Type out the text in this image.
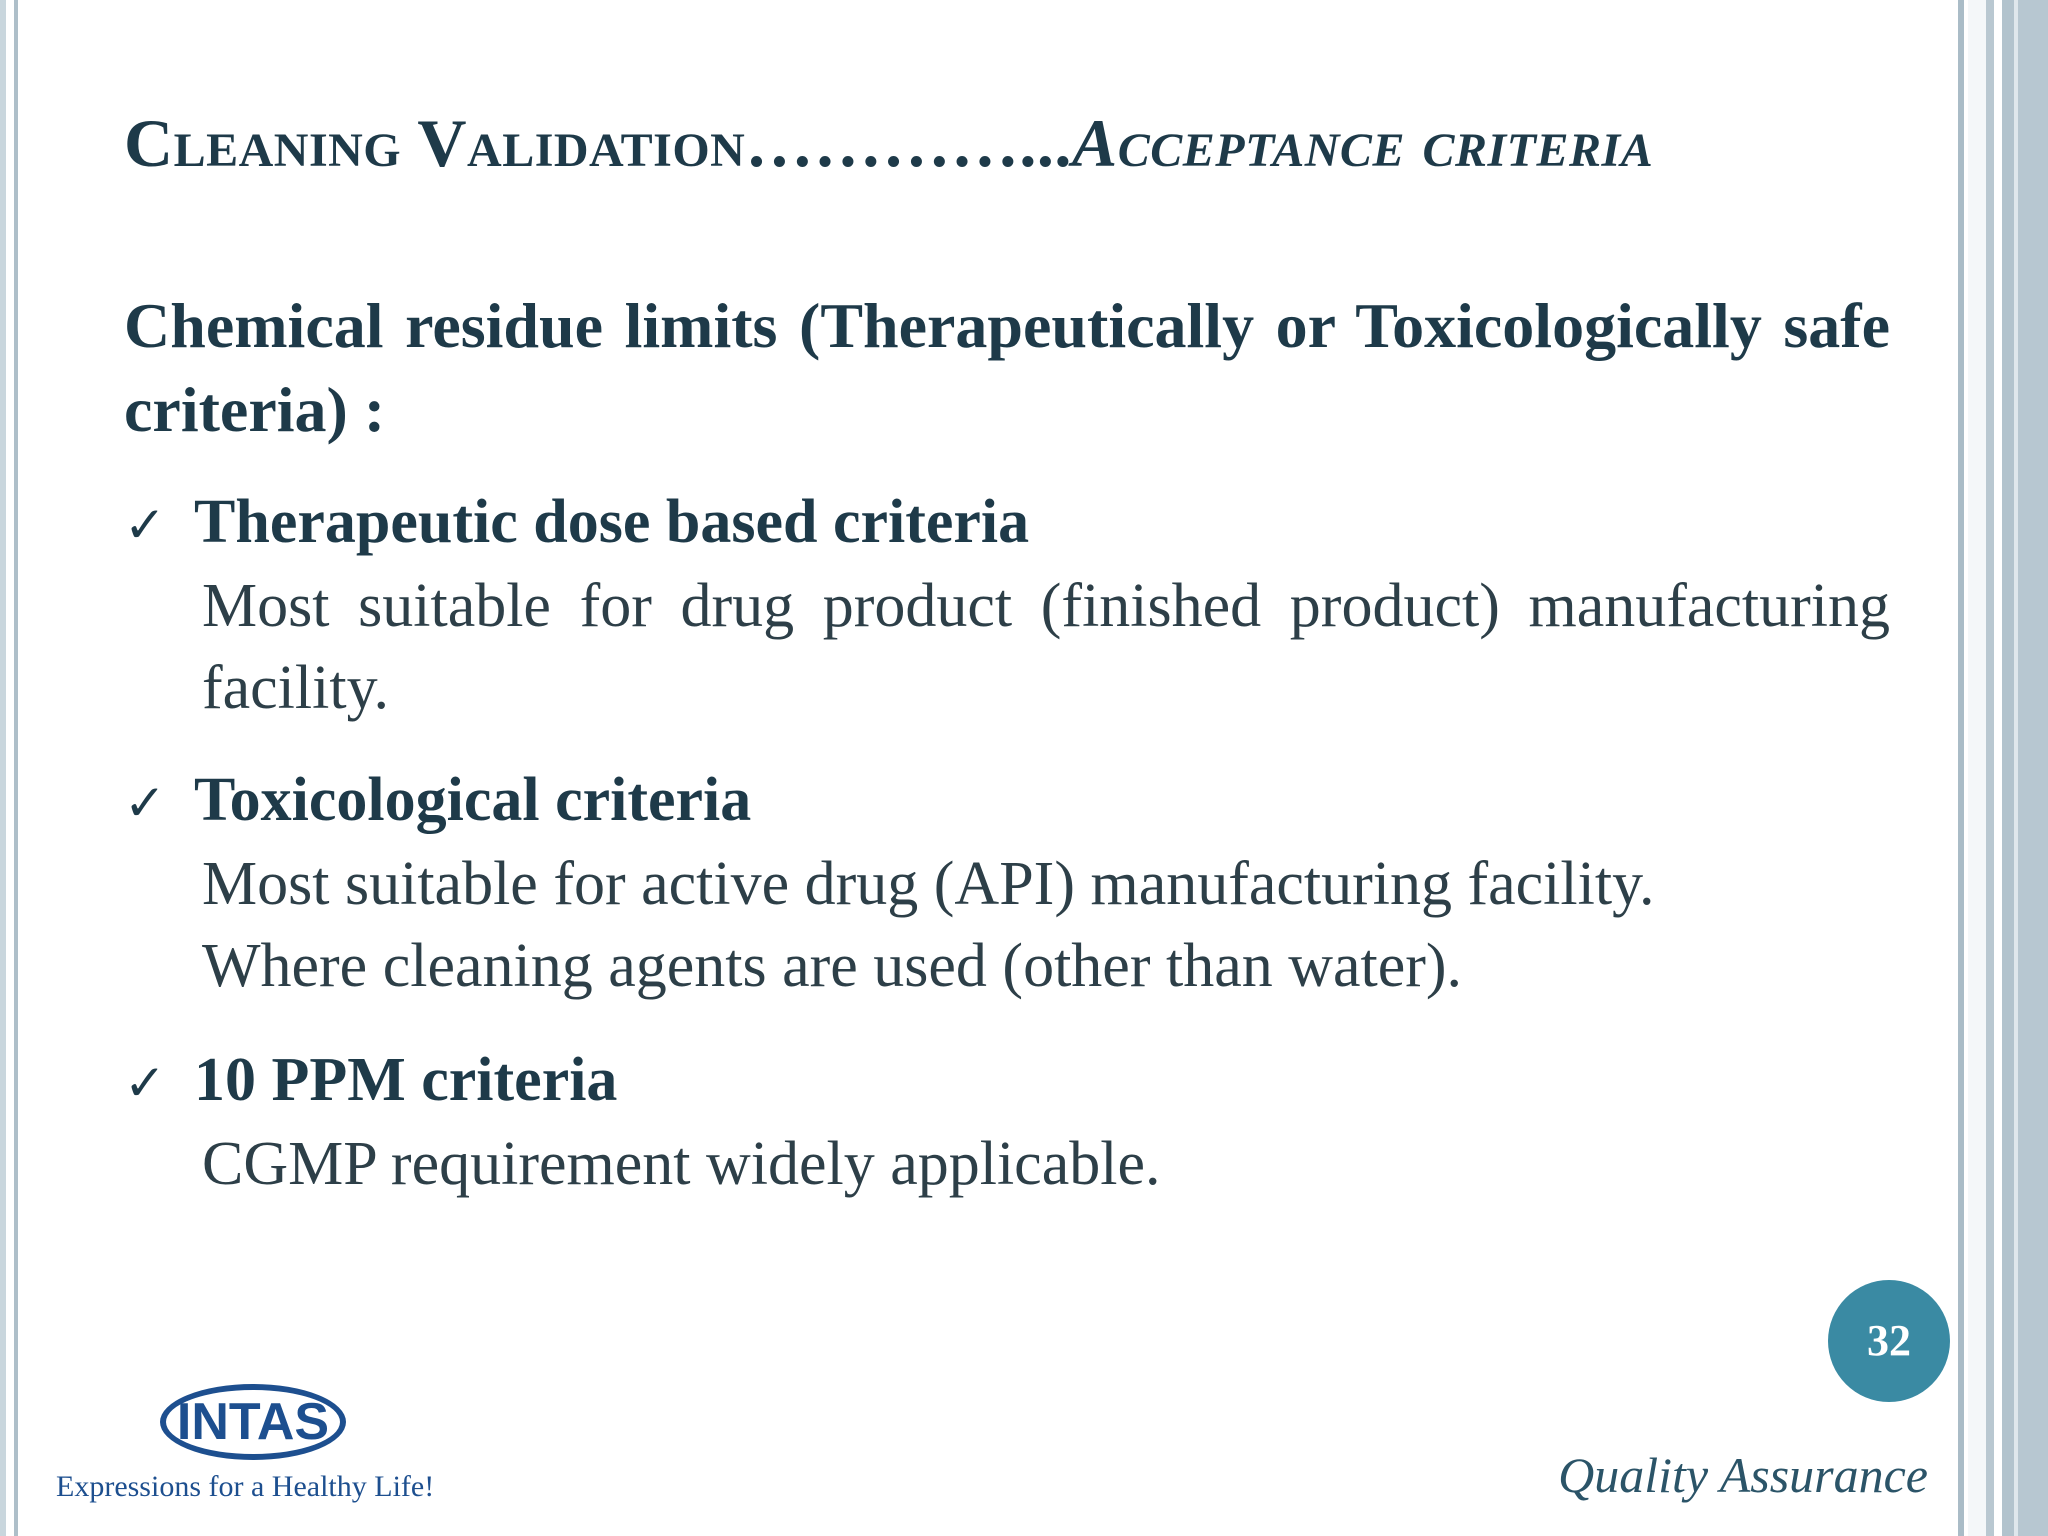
Cleaning Validation…………...Acceptance criteria
Chemical residue limits (Therapeutically or Toxicologically safe criteria) :
✓ Therapeutic dose based criteria
Most suitable for drug product (finished product) manufacturing facility.
✓ Toxicological criteria
Most suitable for active drug (API) manufacturing facility.
Where cleaning agents are used (other than water).
✓ 10 PPM criteria
CGMP requirement widely applicable.
32
INTAS
Expressions for a Healthy Life!	Quality Assurance
